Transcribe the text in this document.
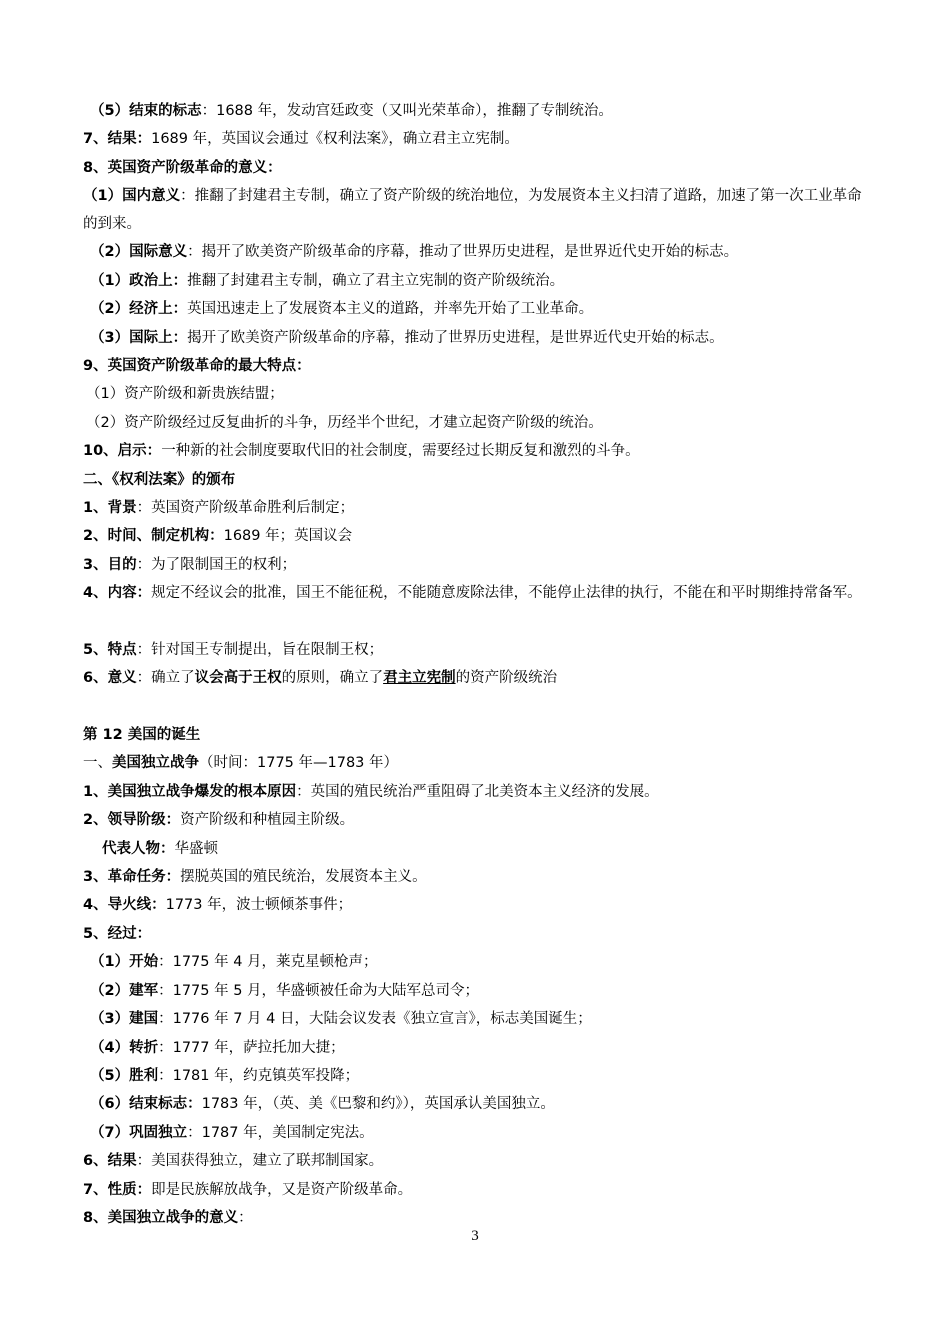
（5）结束的标志：1688 年，发动宫廷政变（又叫光荣革命），推翻了专制统治。
7、结果：1689 年，英国议会通过《权利法案》，确立君主立宪制。
8、英国资产阶级革命的意义：
（1）国内意义：推翻了封建君主专制，确立了资产阶级的统治地位，为发展资本主义扫清了道路，加速了第一次工业革命的到来。
（2）国际意义：揭开了欧美资产阶级革命的序幕，推动了世界历史进程，是世界近代史开始的标志。
（1）政治上：推翻了封建君主专制，确立了君主立宪制的资产阶级统治。
（2）经济上：英国迅速走上了发展资本主义的道路，并率先开始了工业革命。
（3）国际上：揭开了欧美资产阶级革命的序幕，推动了世界历史进程，是世界近代史开始的标志。
9、英国资产阶级革命的最大特点：
（1）资产阶级和新贵族结盟；
（2）资产阶级经过反复曲折的斗争，历经半个世纪，才建立起资产阶级的统治。
10、启示：一种新的社会制度要取代旧的社会制度，需要经过长期反复和激烈的斗争。
二、《权利法案》的颁布
1、背景：英国资产阶级革命胜利后制定；
2、时间、制定机构：1689 年；英国议会
3、目的：为了限制国王的权利；
4、内容：规定不经议会的批准，国王不能征税，不能随意废除法律，不能停止法律的执行，不能在和平时期维持常备军。
5、特点：针对国王专制提出，旨在限制王权；
6、意义：确立了议会高于王权的原则，确立了君主立宪制的资产阶级统治
第 12 美国的诞生
一、美国独立战争（时间：1775 年—1783 年）
1、美国独立战争爆发的根本原因：英国的殖民统治严重阻碍了北美资本主义经济的发展。
2、领导阶级：资产阶级和种植园主阶级。
代表人物：华盛顿
3、革命任务：摆脱英国的殖民统治，发展资本主义。
4、导火线：1773 年，波士顿倾茶事件；
5、经过：
（1）开始：1775 年 4 月，莱克星顿枪声；
（2）建军：1775 年 5 月，华盛顿被任命为大陆军总司令；
（3）建国：1776 年 7 月 4 日，大陆会议发表《独立宣言》，标志美国诞生；
（4）转折：1777 年，萨拉托加大捷；
（5）胜利：1781 年，约克镇英军投降；
（6）结束标志：1783 年，（英、美《巴黎和约》），英国承认美国独立。
（7）巩固独立：1787 年，美国制定宪法。
6、结果：美国获得独立，建立了联邦制国家。
7、性质：即是民族解放战争，又是资产阶级革命。
8、美国独立战争的意义：
3
